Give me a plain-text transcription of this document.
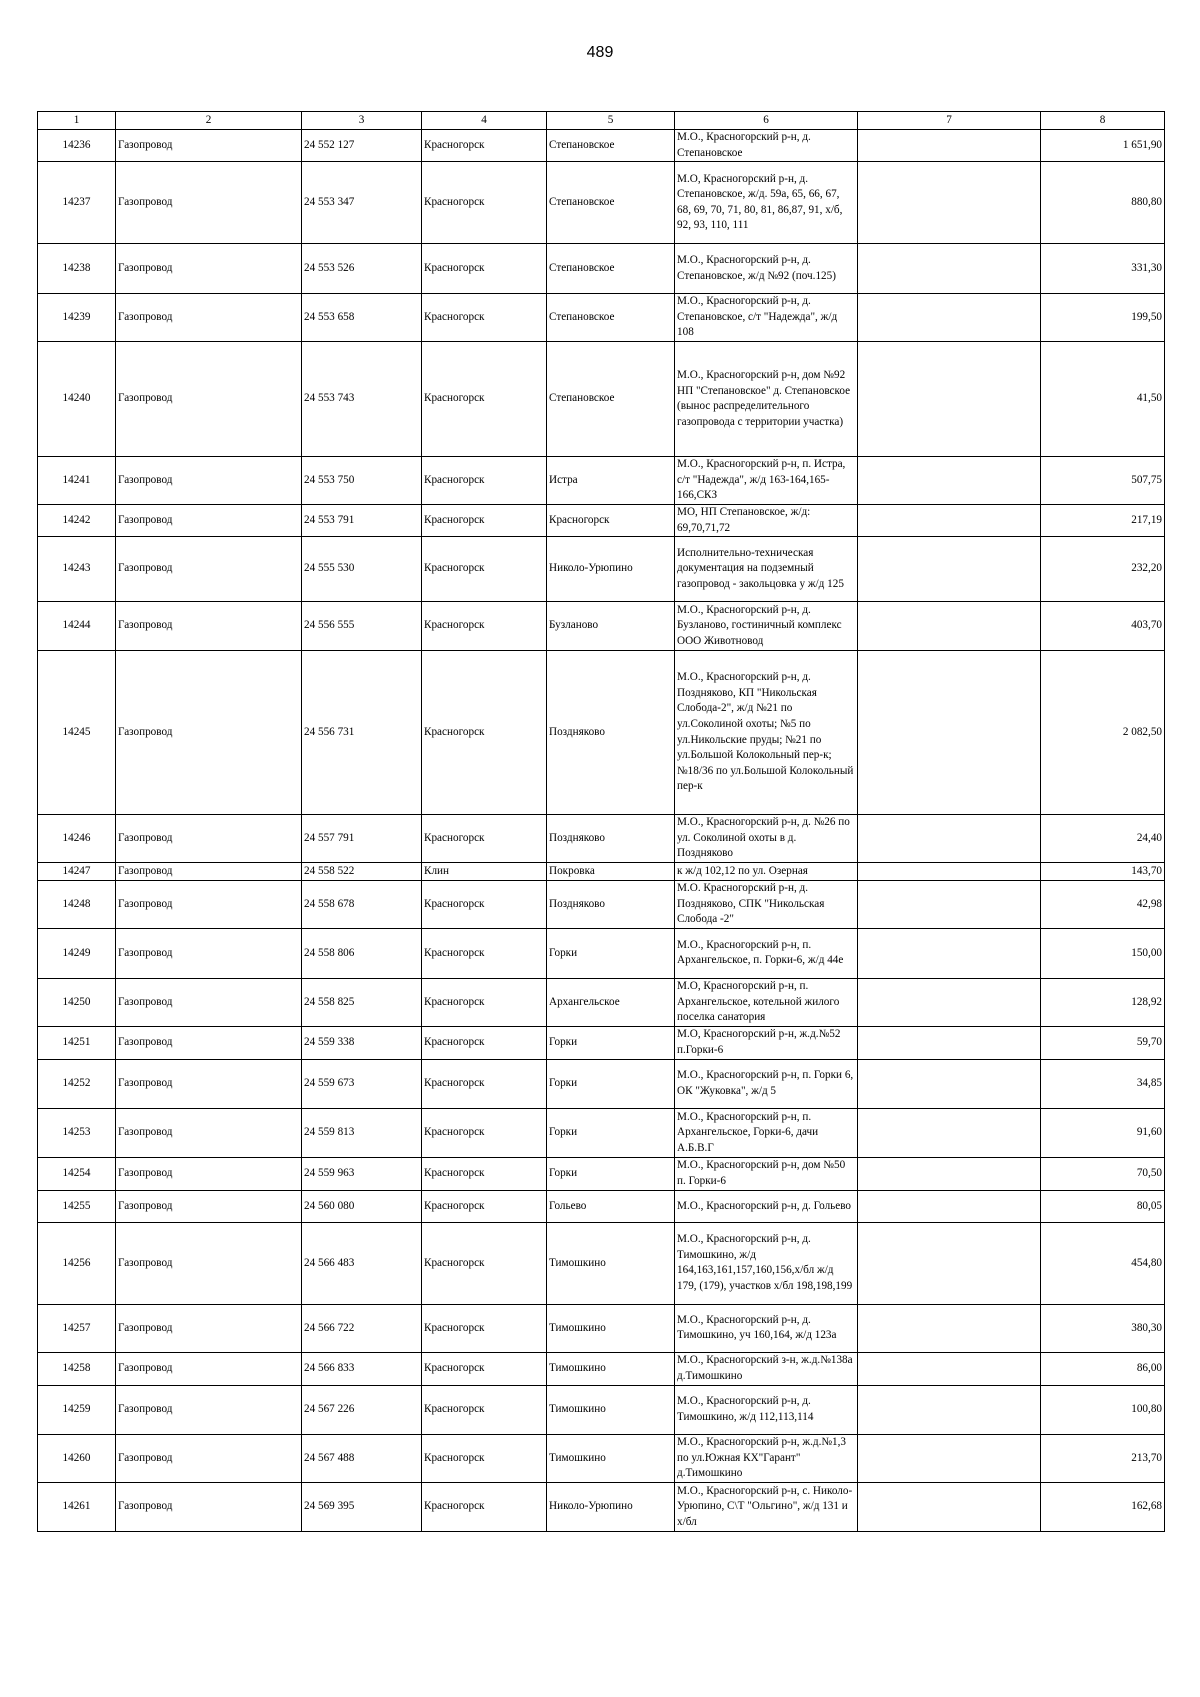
489
1	2	3	4	5	6	7	8
14236	Газопровод	24 552 127	Красногорск	Степановское	М.О., Красногорский р-н, д. Степановское		1 651,90
14237	Газопровод	24 553 347	Красногорск	Степановское	М.О, Красногорский р-н, д. Степановское, ж/д. 59а, 65, 66, 67, 68, 69, 70, 71, 80, 81, 86,87, 91, х/б, 92, 93, 110, 111		880,80
14238	Газопровод	24 553 526	Красногорск	Степановское	М.О., Красногорский р-н, д. Степановское, ж/д №92 (поч.125)		331,30
14239	Газопровод	24 553 658	Красногорск	Степановское	М.О., Красногорский р-н, д. Степановское, с/т "Надежда", ж/д 108		199,50
14240	Газопровод	24 553 743	Красногорск	Степановское	М.О., Красногорский р-н, дом №92 НП "Степановское" д. Степановское (вынос распределительного газопровода с территории участка)		41,50
14241	Газопровод	24 553 750	Красногорск	Истра	М.О., Красногорский р-н, п. Истра, с/т "Надежда", ж/д 163-164,165-166,СКЗ		507,75
14242	Газопровод	24 553 791	Красногорск	Красногорск	МО, НП Степановское, ж/д: 69,70,71,72		217,19
14243	Газопровод	24 555 530	Красногорск	Николо-Урюпино	Исполнительно-техническая документация на подземный газопровод - закольцовка у ж/д 125		232,20
14244	Газопровод	24 556 555	Красногорск	Бузланово	М.О., Красногорский р-н, д. Бузланово, гостиничный комплекс ООО Животновод		403,70
14245	Газопровод	24 556 731	Красногорск	Поздняково	М.О., Красногорский р-н, д. Поздняково, КП "Никольская Слобода-2", ж/д №21 по ул.Соколиной охоты; №5 по ул.Никольские пруды; №21 по ул.Большой Колокольный пер-к; №18/36 по ул.Большой Колокольный пер-к		2 082,50
14246	Газопровод	24 557 791	Красногорск	Поздняково	М.О., Красногорский р-н, д. №26 по ул. Соколиной охоты в д. Поздняково		24,40
14247	Газопровод	24 558 522	Клин	Покровка	к ж/д 102,12 по ул. Озерная		143,70
14248	Газопровод	24 558 678	Красногорск	Поздняково	М.О. Красногорский р-н, д. Поздняково, СПК "Никольская Слобода -2"		42,98
14249	Газопровод	24 558 806	Красногорск	Горки	М.О., Красногорский р-н, п. Архангельское, п. Горки-6, ж/д 44е		150,00
14250	Газопровод	24 558 825	Красногорск	Архангельское	М.О, Красногорский р-н, п. Архангельское, котельной жилого поселка санатория		128,92
14251	Газопровод	24 559 338	Красногорск	Горки	М.О, Красногорский р-н, ж.д.№52 п.Горки-6		59,70
14252	Газопровод	24 559 673	Красногорск	Горки	М.О., Красногорский р-н, п. Горки 6, ОК "Жуковка", ж/д 5		34,85
14253	Газопровод	24 559 813	Красногорск	Горки	М.О., Красногорский р-н, п. Архангельское, Горки-6, дачи А.Б.В.Г		91,60
14254	Газопровод	24 559 963	Красногорск	Горки	М.О., Красногорский р-н, дом №50 п. Горки-6		70,50
14255	Газопровод	24 560 080	Красногорск	Гольево	М.О., Красногорский р-н, д. Гольево		80,05
14256	Газопровод	24 566 483	Красногорск	Тимошкино	М.О., Красногорский р-н, д. Тимошкино, ж/д 164,163,161,157,160,156,х/бл ж/д 179, (179), участков х/бл 198,198,199		454,80
14257	Газопровод	24 566 722	Красногорск	Тимошкино	М.О., Красногорский р-н, д. Тимошкино, уч 160,164, ж/д 123а		380,30
14258	Газопровод	24 566 833	Красногорск	Тимошкино	М.О., Красногорский з-н, ж.д.№138а д.Тимошкино		86,00
14259	Газопровод	24 567 226	Красногорск	Тимошкино	М.О., Красногорский р-н, д. Тимошкино, ж/д 112,113,114		100,80
14260	Газопровод	24 567 488	Красногорск	Тимошкино	М.О., Красногорский р-н, ж.д.№1,3 по ул.Южная КХ"Гарант" д.Тимошкино		213,70
14261	Газопровод	24 569 395	Красногорск	Николо-Урюпино	М.О., Красногорский р-н, с. Николо-Урюпино, С\Т "Ольгино", ж/д 131 и х/бл		162,68
